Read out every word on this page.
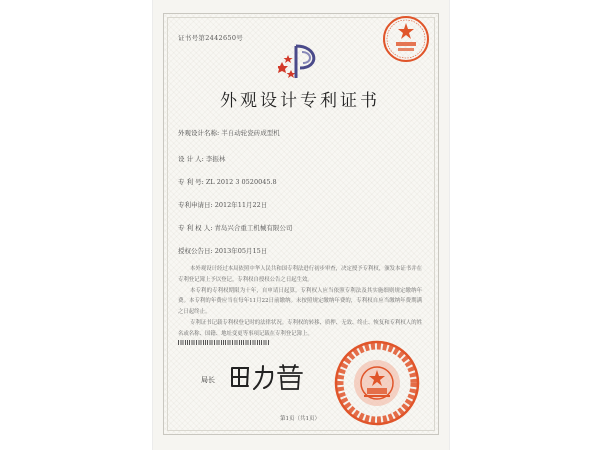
证书号第2442650号
外观设计专利证书
外观设计名称: 半自动轮瓷砖成型机
设 计 人: 李振林
专 利 号: ZL 2012 3 0520045.8
专利申请日: 2012年11月22日
专 利 权 人: 青岛兴合重工机械有限公司
授权公告日: 2013年05月15日

本外观设计经过本局依照中华人民共和国专利法进行初步审查，决定授予专利权，颁发本证书并在专利登记簿上予以登记。专利权自授权公告之日起生效。

本专利的专利权期限为十年，自申请日起算。专利权人应当依照专利法及其实施细则规定缴纳年费。本专利的年费应当在每年11月22日前缴纳。未按照规定缴纳年费的，专利权自应当缴纳年费期满之日起终止。

专利证书记载专利权登记时的法律状况。专利权的转移、质押、无效、终止、恢复和专利权人的姓名或名称、国籍、地址变更等事项记载在专利登记簿上。

局长
第1页（共1页）
